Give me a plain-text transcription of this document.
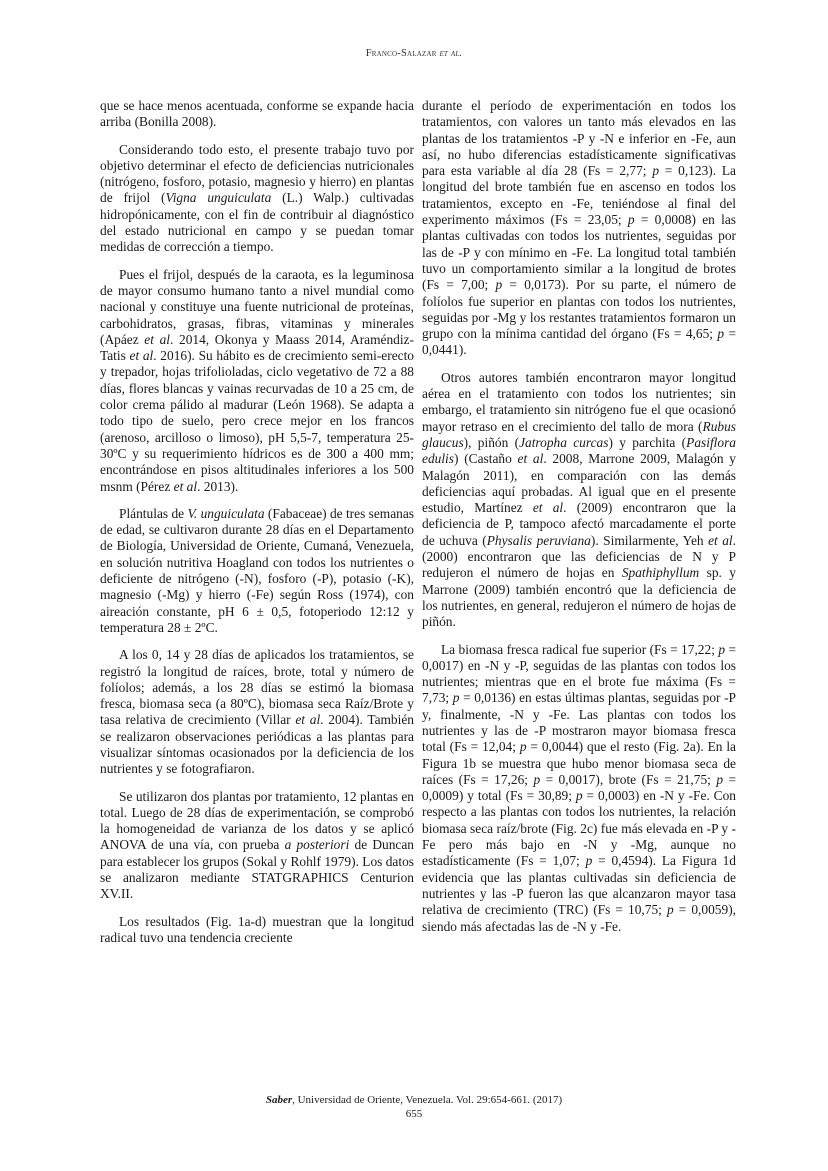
Franco-Salazar et al.

que se hace menos acentuada, conforme se expande hacia arriba (Bonilla 2008).

Considerando todo esto, el presente trabajo tuvo por objetivo determinar el efecto de deficiencias nutricionales (nitrógeno, fosforo, potasio, magnesio y hierro) en plantas de frijol (Vigna unguiculata (L.) Walp.) cultivadas hidropónicamente, con el fin de contribuir al diagnóstico del estado nutricional en campo y se puedan tomar medidas de corrección a tiempo.

Pues el frijol, después de la caraota, es la leguminosa de mayor consumo humano tanto a nivel mundial como nacional y constituye una fuente nutricional de proteínas, carbohidratos, grasas, fibras, vitaminas y minerales (Apáez et al. 2014, Okonya y Maass 2014, Araméndiz-Tatis et al. 2016). Su hábito es de crecimiento semi-erecto y trepador, hojas trifolioladas, ciclo vegetativo de 72 a 88 días, flores blancas y vainas recurvadas de 10 a 25 cm, de color crema pálido al madurar (León 1968). Se adapta a todo tipo de suelo, pero crece mejor en los francos (arenoso, arcilloso o limoso), pH 5,5-7, temperatura 25-30ºC y su requerimiento hídricos es de 300 a 400 mm; encontrándose en pisos altitudinales inferiores a los 500 msnm (Pérez et al. 2013).

Plántulas de V. unguiculata (Fabaceae) de tres semanas de edad, se cultivaron durante 28 días en el Departamento de Biología, Universidad de Oriente, Cumaná, Venezuela, en solución nutritiva Hoagland con todos los nutrientes o deficiente de nitrógeno (-N), fosforo (-P), potasio (-K), magnesio (-Mg) y hierro (-Fe) según Ross (1974), con aireación constante, pH 6 ± 0,5, fotoperiodo 12:12 y temperatura 28 ± 2ºC.

A los 0, 14 y 28 días de aplicados los tratamientos, se registró la longitud de raíces, brote, total y número de folíolos; además, a los 28 días se estimó la biomasa fresca, biomasa seca (a 80ºC), biomasa seca Raíz/Brote y tasa relativa de crecimiento (Villar et al. 2004). También se realizaron observaciones periódicas a las plantas para visualizar síntomas ocasionados por la deficiencia de los nutrientes y se fotografiaron.

Se utilizaron dos plantas por tratamiento, 12 plantas en total. Luego de 28 días de experimentación, se comprobó la homogeneidad de varianza de los datos y se aplicó ANOVA de una vía, con prueba a posteriori de Duncan para establecer los grupos (Sokal y Rohlf 1979). Los datos se analizaron mediante STATGRAPHICS Centurion XV.II.

Los resultados (Fig. 1a-d) muestran que la longitud radical tuvo una tendencia creciente

durante el período de experimentación en todos los tratamientos, con valores un tanto más elevados en las plantas de los tratamientos -P y -N e inferior en -Fe, aun así, no hubo diferencias estadísticamente significativas para esta variable al día 28 (Fs = 2,77; p = 0,123). La longitud del brote también fue en ascenso en todos los tratamientos, excepto en -Fe, teniéndose al final del experimento máximos (Fs = 23,05; p = 0,0008) en las plantas cultivadas con todos los nutrientes, seguidas por las de -P y con mínimo en -Fe. La longitud total también tuvo un comportamiento similar a la longitud de brotes (Fs = 7,00; p = 0,0173). Por su parte, el número de folíolos fue superior en plantas con todos los nutrientes, seguidas por -Mg y los restantes tratamientos formaron un grupo con la mínima cantidad del órgano (Fs = 4,65; p = 0,0441).

Otros autores también encontraron mayor longitud aérea en el tratamiento con todos los nutrientes; sin embargo, el tratamiento sin nitrógeno fue el que ocasionó mayor retraso en el crecimiento del tallo de mora (Rubus glaucus), piñón (Jatropha curcas) y parchita (Pasiflora edulis) (Castaño et al. 2008, Marrone 2009, Malagón y Malagón 2011), en comparación con las demás deficiencias aquí probadas. Al igual que en el presente estudio, Martínez et al. (2009) encontraron que la deficiencia de P, tampoco afectó marcadamente el porte de uchuva (Physalis peruviana). Similarmente, Yeh et al. (2000) encontraron que las deficiencias de N y P redujeron el número de hojas en Spathiphyllum sp. y Marrone (2009) también encontró que la deficiencia de los nutrientes, en general, redujeron el número de hojas de piñón.

La biomasa fresca radical fue superior (Fs = 17,22; p = 0,0017) en -N y -P, seguidas de las plantas con todos los nutrientes; mientras que en el brote fue máxima (Fs = 7,73; p = 0,0136) en estas últimas plantas, seguidas por -P y, finalmente, -N y -Fe. Las plantas con todos los nutrientes y las de -P mostraron mayor biomasa fresca total (Fs = 12,04; p = 0,0044) que el resto (Fig. 2a). En la Figura 1b se muestra que hubo menor biomasa seca de raíces (Fs = 17,26; p = 0,0017), brote (Fs = 21,75; p = 0,0009) y total (Fs = 30,89; p = 0,0003) en -N y -Fe. Con respecto a las plantas con todos los nutrientes, la relación biomasa seca raíz/brote (Fig. 2c) fue más elevada en -P y -Fe pero más bajo en -N y -Mg, aunque no estadísticamente (Fs = 1,07; p = 0,4594). La Figura 1d evidencia que las plantas cultivadas sin deficiencia de nutrientes y las -P fueron las que alcanzaron mayor tasa relativa de crecimiento (TRC) (Fs = 10,75; p = 0,0059), siendo más afectadas las de -N y -Fe.

Saber, Universidad de Oriente, Venezuela. Vol. 29:654-661. (2017)
655
